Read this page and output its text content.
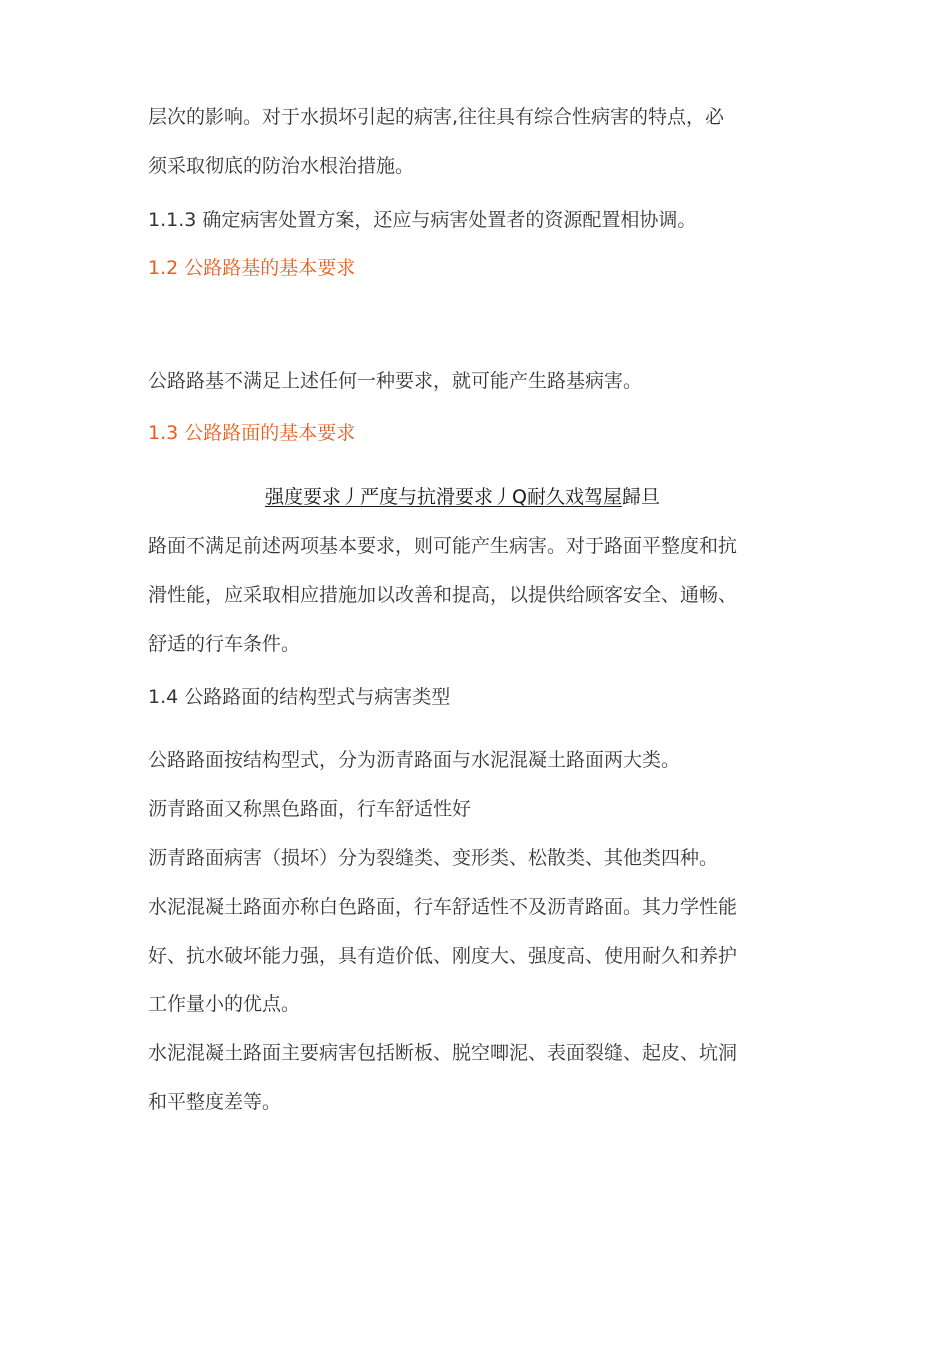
层次的影响。对于水损坏引起的病害,往往具有综合性病害的特点，必
须采取彻底的防治水根治措施。
1.1.3 确定病害处置方案，还应与病害处置者的资源配置相协调。
1.2 公路路基的基本要求
公路路基不满足上述任何一种要求，就可能产生路基病害。
1.3 公路路面的基本要求
强度要求丿严度与抗滑要求丿Q耐久戏驾屋歸旦
路面不满足前述两项基本要求，则可能产生病害。对于路面平整度和抗
滑性能，应采取相应措施加以改善和提高，以提供给顾客安全、通畅、
舒适的行车条件。
1.4 公路路面的结构型式与病害类型
公路路面按结构型式，分为沥青路面与水泥混凝土路面两大类。
沥青路面又称黑色路面，行车舒适性好
沥青路面病害（损坏）分为裂缝类、变形类、松散类、其他类四种。
水泥混凝土路面亦称白色路面，行车舒适性不及沥青路面。其力学性能
好、抗水破坏能力强，具有造价低、刚度大、强度高、使用耐久和养护
工作量小的优点。
水泥混凝土路面主要病害包括断板、脱空唧泥、表面裂缝、起皮、坑洞
和平整度差等。
